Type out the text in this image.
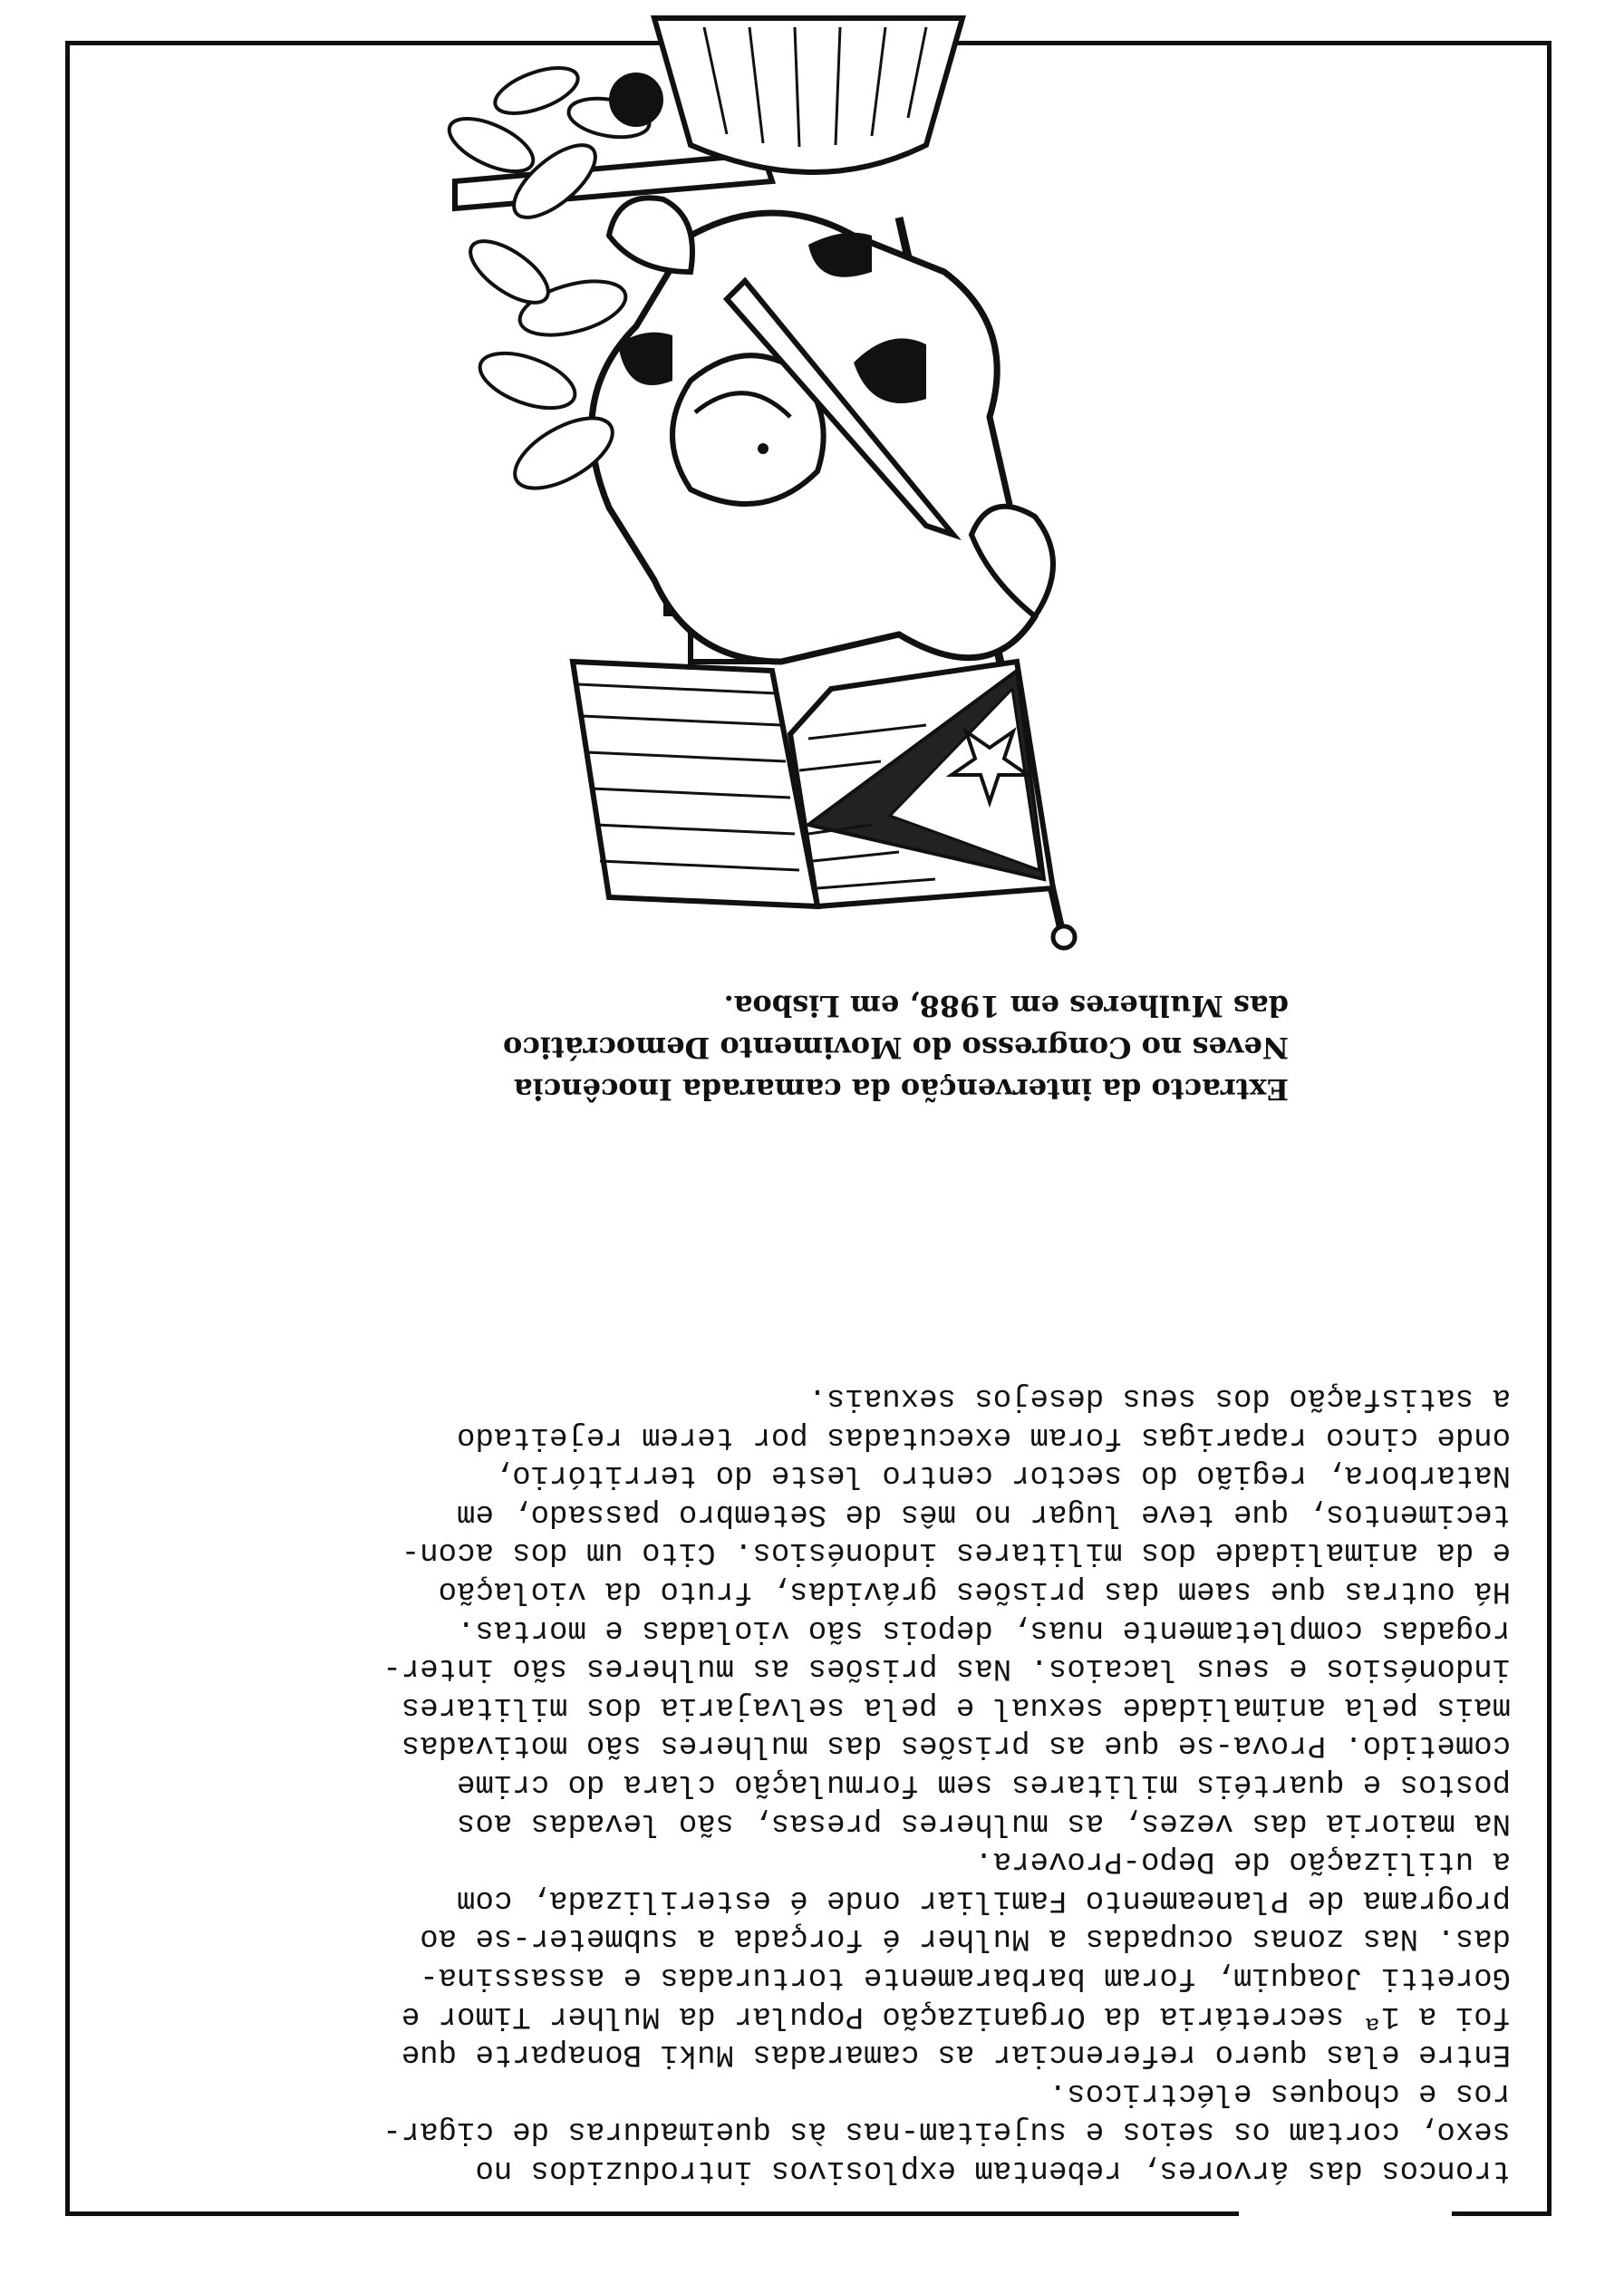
troncos das árvores, rebentam explosivos introduzidos no
sexo, cortam os seios e sujeitam-nas às queimaduras de cigar-
ros e choques eléctricos.
Entre elas quero referenciar as camaradas Muki Bonaparte que
foi a 1ª secretária da Organização Popular da Mulher Timor e
Goretti Joaquim, foram barbaramente torturadas e assassina-
das. Nas zonas ocupadas a Mulher é forçada a submeter-se ao
programa de Planeamento Familiar onde é esterilizada, com
a utilização de Depo-Provera.
Na maioria das vezes, as mulheres presas, são levadas aos
postos e quartéis militares sem formulação clara do crime
cometido. Prova-se que as prisões das mulheres são motivadas
mais pela animalidade sexual e pela selvajaria dos militares
indonésios e seus lacaios. Nas prisões as mulheres são inter-
rogadas completamente nuas, depois são violadas e mortas.
Há outras que saem das prisões grávidas, fruto da violação
e da animalidade dos militares indonésios. Cito um dos acon-
tecimentos, que teve lugar no mês de Setembro passado, em
Natarbora, região do sector centro leste do território,
onde cinco raparigas foram executadas por terem rejeitado
a satisfação dos seus desejos sexuais.
Extracto da intervenção da camarada Inocência
Neves no Congresso do Movimento Democrático
das Mulheres em 1988, em Lisboa.
